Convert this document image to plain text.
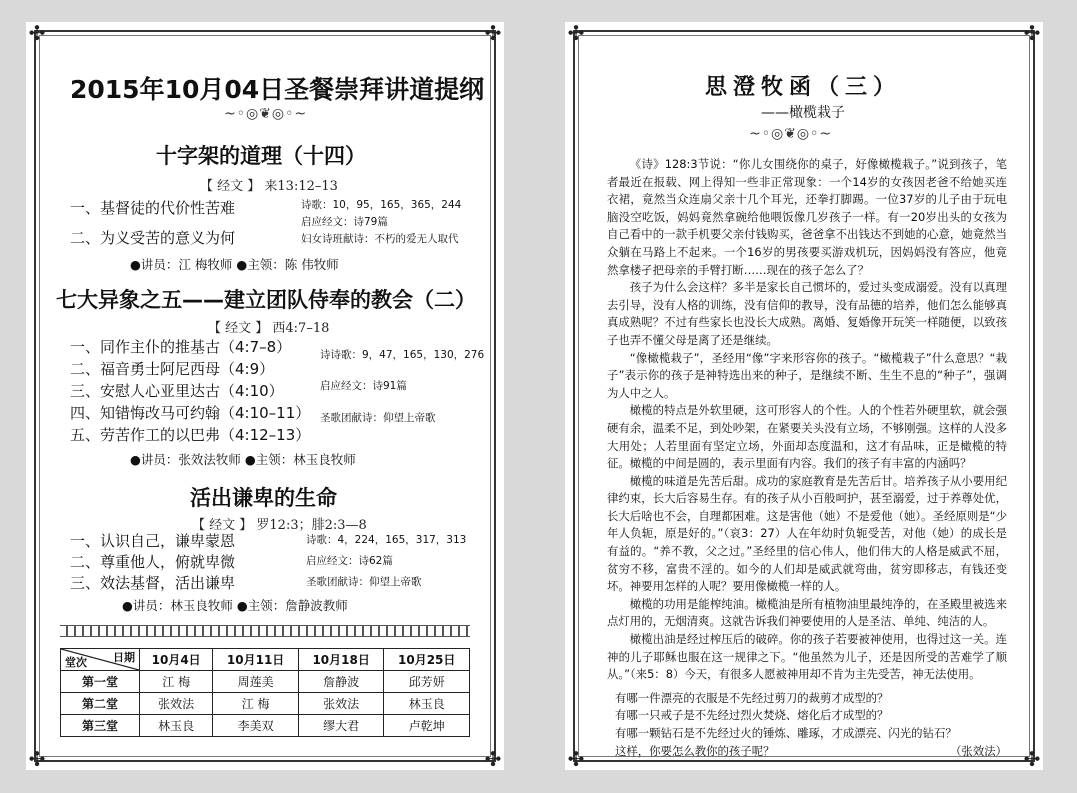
✣	✣
✣	✣
2015年10月04日圣餐崇拜讲道提纲
~◦◎❦◎◦~
十字架的道理（十四）
【 经文 】 来13:12–13
一、基督徒的代价性苦难
二、为义受苦的意义为何
诗歌：10，95，165，365，244
启应经文：诗79篇
妇女诗班献诗：不朽的爱无人取代
●讲员：江 梅牧师 ●主领：陈 伟牧师
七大异象之五——建立团队侍奉的教会（二）
【 经文 】 西4:7–18
一、同作主仆的推基古（4:7–8）
二、福音勇士阿尼西母（4:9）
三、安慰人心亚里达古（4:10）
四、知错悔改马可约翰（4:10–11）
五、劳苦作工的以巴弗（4:12–13）
诗诗歌：9，47，165，130，276
启应经文：诗91篇
圣歌团献诗：仰望上帝歌
●讲员：张效法牧师 ●主领：林玉良牧师
活出谦卑的生命
【 经文 】 罗12:3；腓2:3—8
一、认识自己，谦卑蒙恩
二、尊重他人，俯就卑微
三、效法基督，活出谦卑
诗歌：4，224，165，317，313
启应经文：诗62篇
圣歌团献诗：仰望上帝歌
●讲员：林玉良牧师 ●主领：詹静波教师
日期
堂次	10月4日	10月11日	10月18日	10月25日
第一堂	江 梅	周莲美	詹静波	邱芳妍
第二堂	张效法	江 梅	张效法	林玉良
第三堂	林玉良	李美双	缪大君	卢乾坤
✣	✣
✣	✣
思澄牧函（三）
——橄榄栽子
~◦◎❦◎◦~

《诗》128:3节说：“你儿女围绕你的桌子，好像橄榄栽子。”说到孩子，笔者最近在报载、网上得知一些非正常现象：一个14岁的女孩因老爸不给她买连衣裙，竟然当众连扇父亲十几个耳光，还拳打脚踢。一位37岁的儿子由于玩电脑没空吃饭，妈妈竟然拿碗给他喂饭像几岁孩子一样。有一20岁出头的女孩为自己看中的一款手机要父亲付钱购买，爸爸拿不出钱达不到她的心意，她竟然当众躺在马路上不起来。一个16岁的男孩要买游戏机玩，因妈妈没有答应，他竟然拿楼孑把母亲的手臂打断……现在的孩子怎么了？

孩子为什么会这样？多半是家长自己惯坏的，爱过头变成溺爱。没有以真理去引导，没有人格的训练，没有信仰的教导，没有品德的培养，他们怎么能够真真成熟呢？不过有些家长也没长大成熟。离婚、复婚像开玩笑一样随便，以致孩子也弄不懂父母是离了还是继续。

“像橄榄栽子”，圣经用“像”字来形容你的孩子。“橄榄栽子”什么意思？“栽子”表示你的孩子是神特选出来的种子，是继续不断、生生不息的“种子”，强调为人中之人。

橄榄的特点是外软里硬，这可形容人的个性。人的个性若外硬里软，就会强硬有余，温柔不足，到处吵架，在紧要关头没有立场，不够刚强。这样的人没多大用处；人若里面有坚定立场，外面却态度温和，这才有品味，正是橄榄的特征。橄榄的中间是圆的，表示里面有内容。我们的孩子有丰富的内涵吗？

橄榄的味道是先苦后甜。成功的家庭教育是先苦后甘。培养孩子从小要用纪律约束，长大后容易生存。有的孩子从小百般呵护，甚至溺爱，过于养尊处优，长大后啥也不会，自理都困难。这是害他（她）不是爱他（她）。圣经原则是“少年人负轭，原是好的。”（哀3：27）人在年幼时负轭受苦，对他（她）的成长是有益的。“养不教，父之过。”圣经里的信心伟人，他们伟大的人格是威武不屈，贫穷不移，富贵不淫的。如今的人们却是威武就弯曲，贫穷即移志，有钱还变坏。神要用怎样的人呢？要用像橄榄一样的人。

橄榄的功用是能榨纯油。橄榄油是所有植物油里最纯净的，在圣殿里被选来点灯用的，无烟清爽。这就告诉我们神要使用的人是圣洁、单纯、纯洁的人。

橄榄出油是经过榨压后的破碎。你的孩子若要被神使用，也得过这一关。连神的儿子耶稣也服在这一规律之下。“他虽然为儿子，还是因所受的苦难学了顺从。”（来5：8）今天，有很多人愿被神用却不肯为主先受苦，神无法使用。

有哪一件漂亮的衣服是不先经过剪刀的裁剪才成型的？

有哪一只戒子是不先经过烈火焚烧、熔化后才成型的？

有哪一颗钻石是不先经过火的锤炼、雕琢，才成漂亮、闪光的钻石？

这样，你要怎么教你的孩子呢？	（张效法）
